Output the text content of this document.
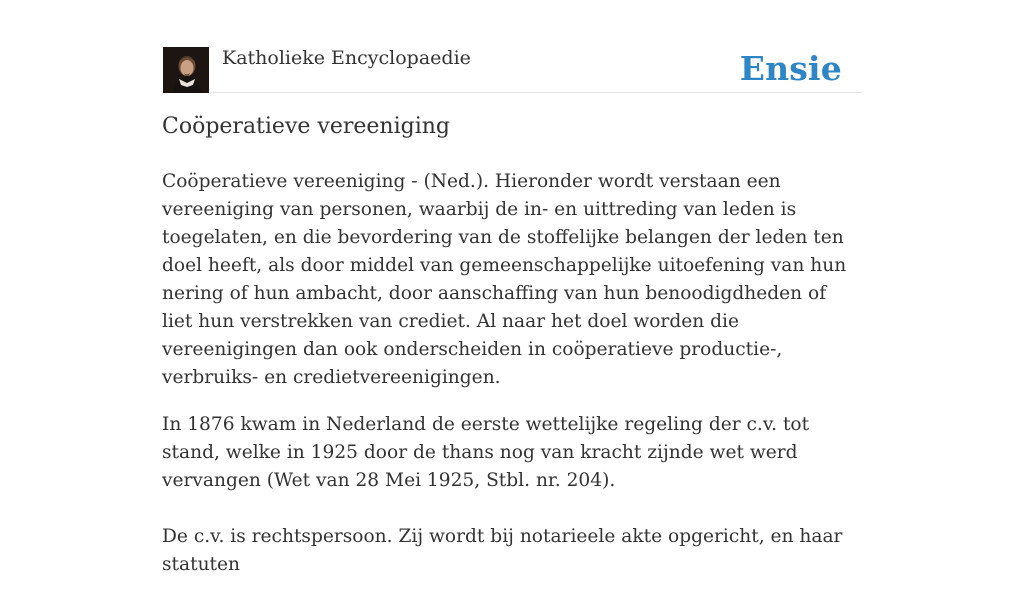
Katholieke Encyclopaedie	Ensie
Coöperatieve vereeniging

Coöperatieve vereeniging - (Ned.). Hieronder wordt verstaan een vereeniging van personen, waarbij de in- en uittreding van leden is toegelaten, en die bevordering van de stoffelijke belangen der leden ten doel heeft, als door middel van gemeenschappelijke uitoefening van hun nering of hun ambacht, door aanschaffing van hun benoodigdheden of liet hun verstrekken van crediet. Al naar het doel worden die vereenigingen dan ook onderscheiden in coöperatieve productie-, verbruiks- en credietvereenigingen.

In 1876 kwam in Nederland de eerste wettelijke regeling der c.v. tot stand, welke in 1925 door de thans nog van kracht zijnde wet werd vervangen (Wet van 28 Mei 1925, Stbl. nr. 204).

De c.v. is rechtspersoon. Zij wordt bij notarieele akte opgericht, en haar statuten
